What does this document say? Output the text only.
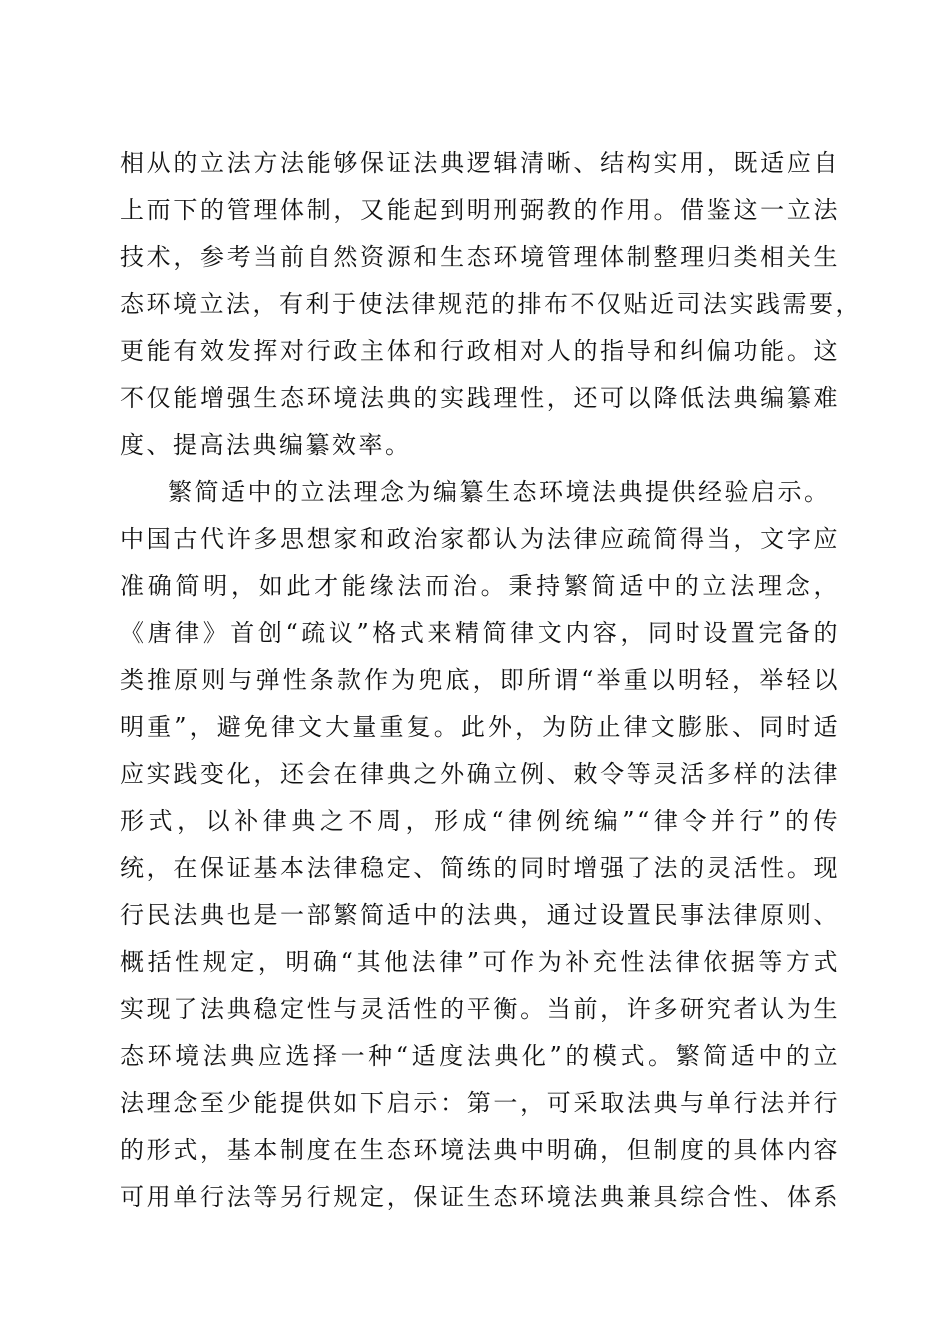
相从的立法方法能够保证法典逻辑清晰、结构实用，既适应自
上而下的管理体制，又能起到明刑弼教的作用。借鉴这一立法
技术，参考当前自然资源和生态环境管理体制整理归类相关生
态环境立法，有利于使法律规范的排布不仅贴近司法实践需要，
更能有效发挥对行政主体和行政相对人的指导和纠偏功能。这
不仅能增强生态环境法典的实践理性，还可以降低法典编纂难
度、提高法典编纂效率。
繁简适中的立法理念为编纂生态环境法典提供经验启示。
中国古代许多思想家和政治家都认为法律应疏简得当，文字应
准确简明，如此才能缘法而治。秉持繁简适中的立法理念，
《唐律》首创“疏议”格式来精简律文内容，同时设置完备的
类推原则与弹性条款作为兜底，即所谓“举重以明轻，举轻以
明重”，避免律文大量重复。此外，为防止律文膨胀、同时适
应实践变化，还会在律典之外确立例、敕令等灵活多样的法律
形式，以补律典之不周，形成“律例统编”“律令并行”的传
统，在保证基本法律稳定、简练的同时增强了法的灵活性。现
行民法典也是一部繁简适中的法典，通过设置民事法律原则、
概括性规定，明确“其他法律”可作为补充性法律依据等方式
实现了法典稳定性与灵活性的平衡。当前，许多研究者认为生
态环境法典应选择一种“适度法典化”的模式。繁简适中的立
法理念至少能提供如下启示：第一，可采取法典与单行法并行
的形式，基本制度在生态环境法典中明确，但制度的具体内容
可用单行法等另行规定，保证生态环境法典兼具综合性、体系
